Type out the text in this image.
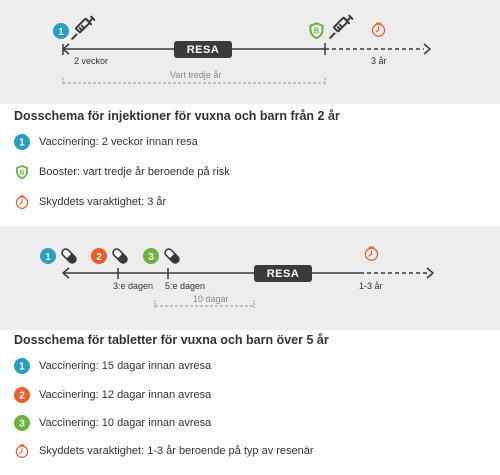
1
RESA
2 veckor	3 år
Vart tredje år
Dosschema för injektioner för vuxna och barn från 2 år
1 Vaccinering: 2 veckor innan resa
Booster: vart tredje år beroende på risk
Skyddets varaktighet: 3 år
1	2	3
RESA
3:e dagen 5:e dagen
10 dagar
1-3 år
Dosschema för tabletter för vuxna och barn över 5 år
1 Vaccinering: 15 dagar innan avresa
2 Vaccinering: 12 dagar innan avresa
3 Vaccinering: 10 dagar innan avresa
Skyddets varaktighet: 1-3 år beroende på typ av resenär
